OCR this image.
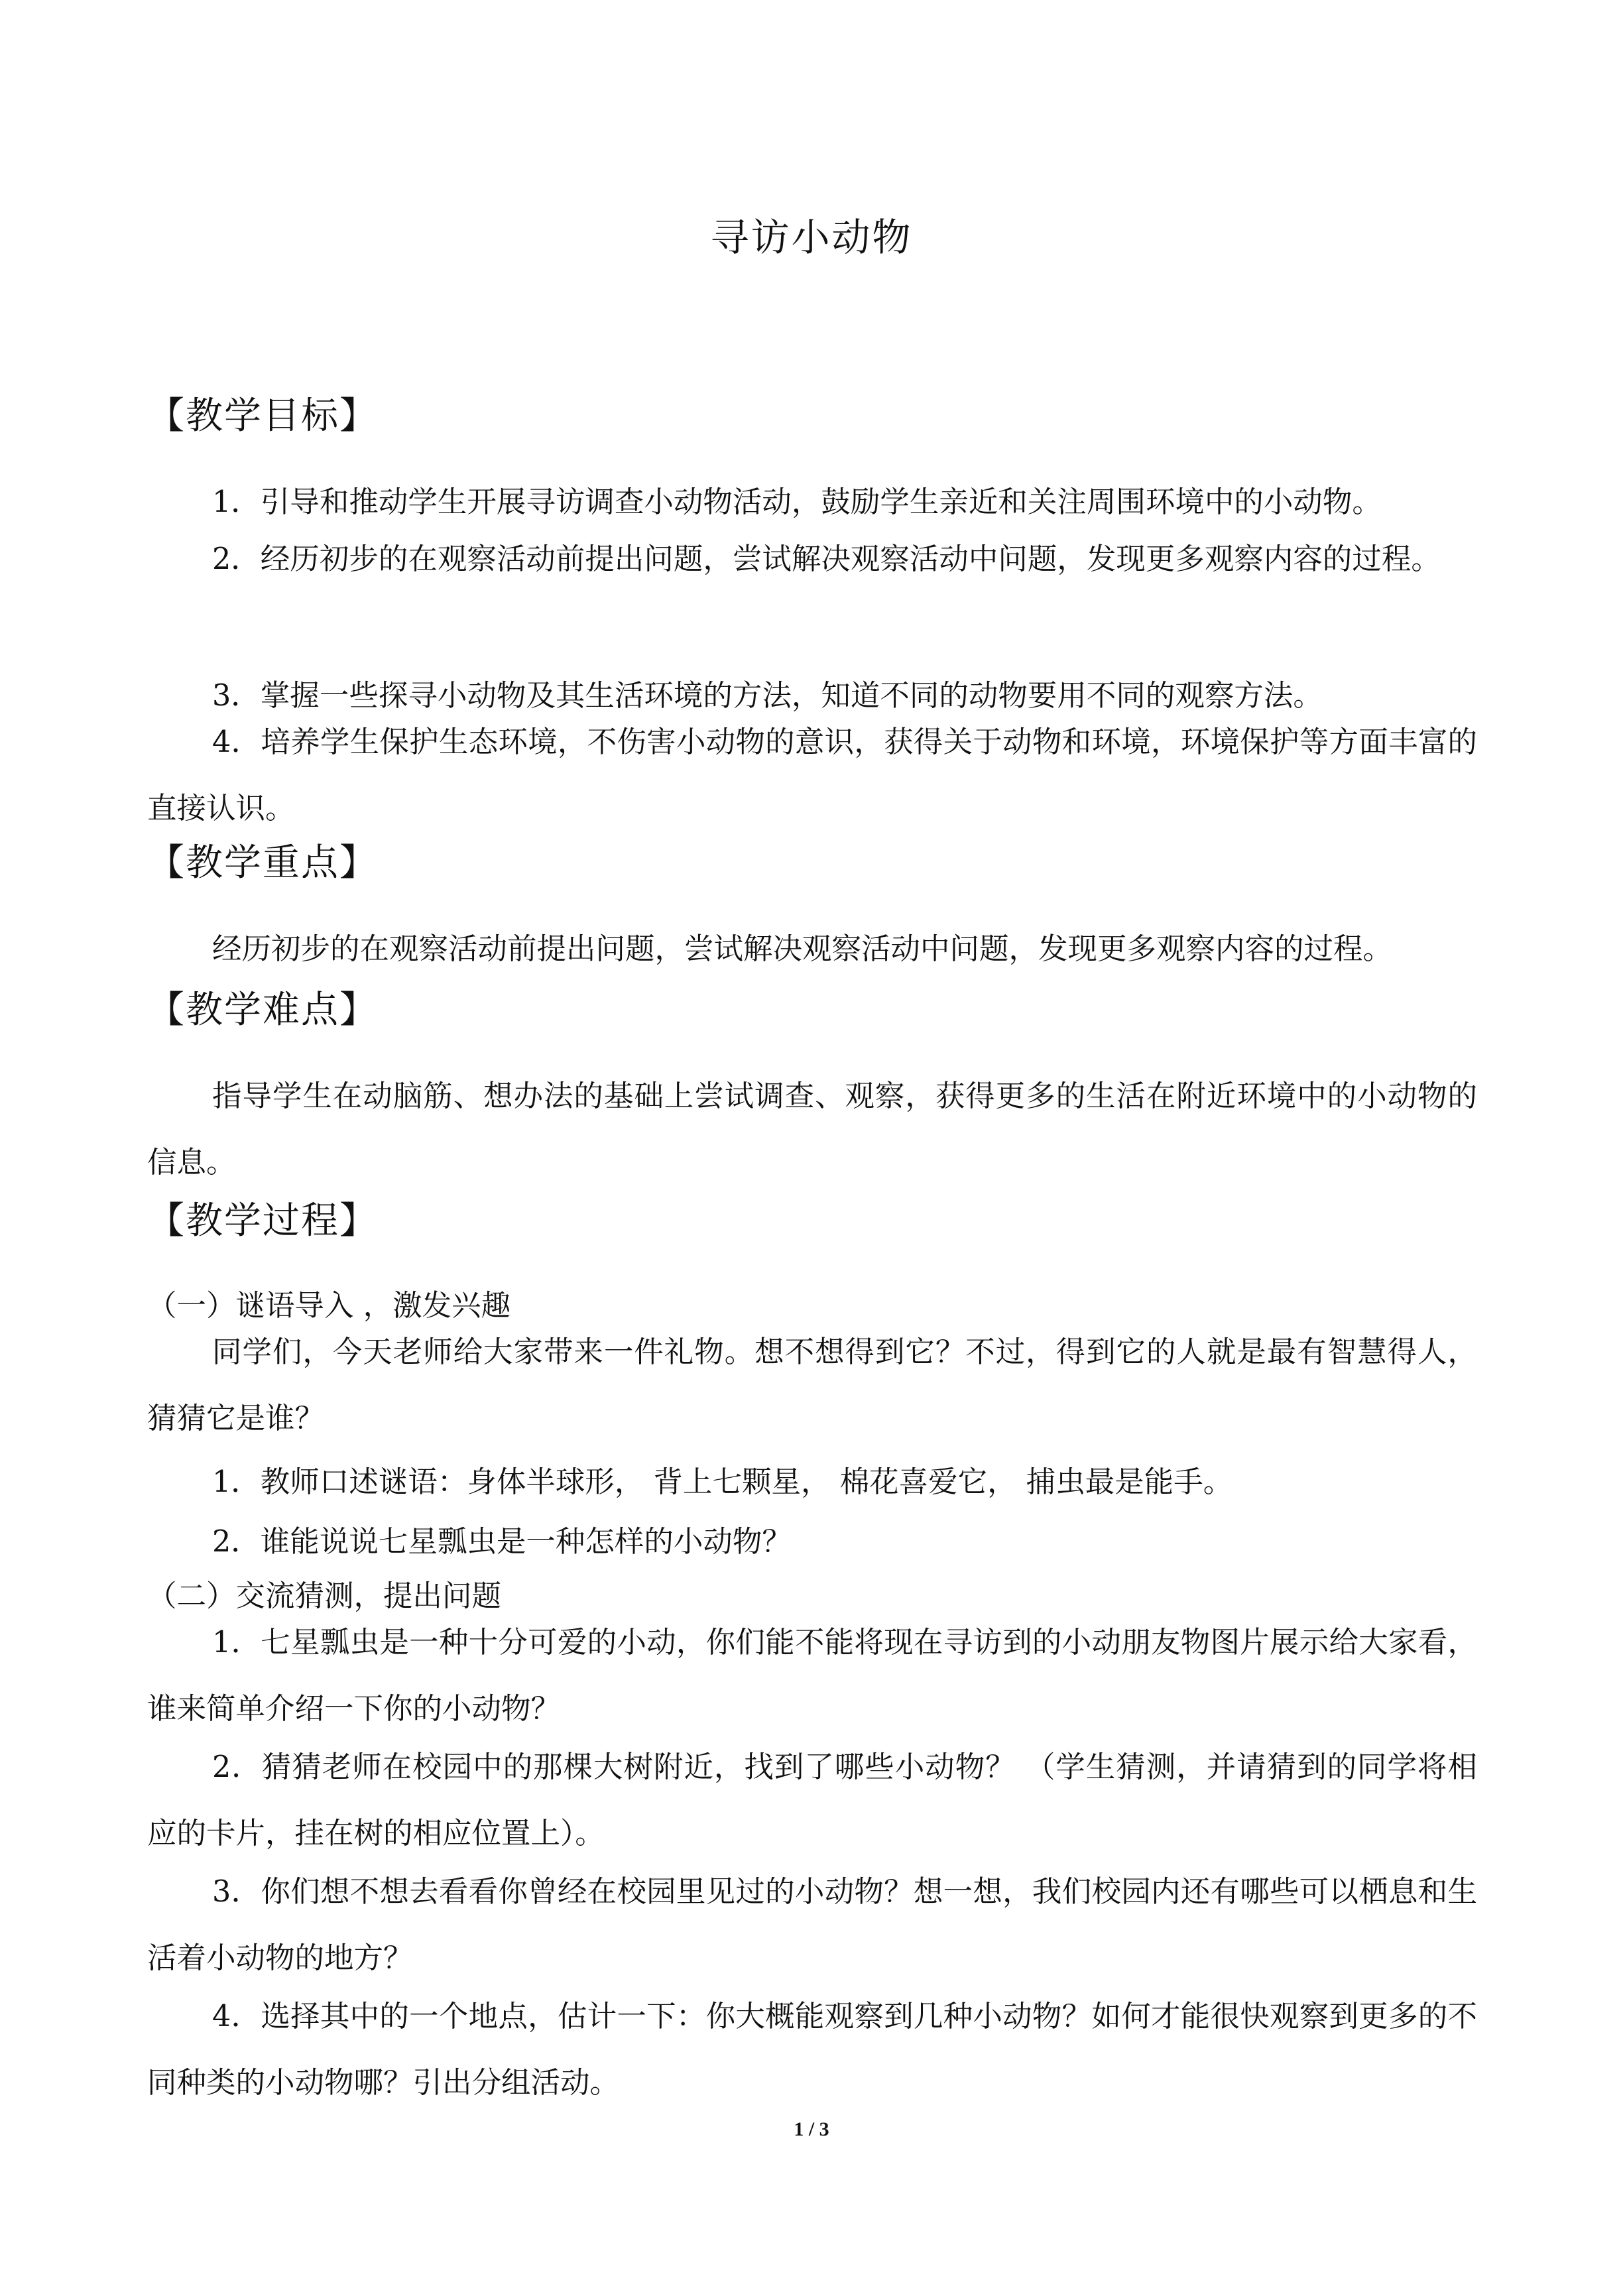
寻访小动物
【教学目标】
1．引导和推动学生开展寻访调查小动物活动，鼓励学生亲近和关注周围环境中的小动物。
2．经历初步的在观察活动前提出问题，尝试解决观察活动中问题，发现更多观察内容的过程。
3．掌握一些探寻小动物及其生活环境的方法，知道不同的动物要用不同的观察方法。
4．培养学生保护生态环境，不伤害小动物的意识，获得关于动物和环境，环境保护等方面丰富的直接认识。
【教学重点】
经历初步的在观察活动前提出问题，尝试解决观察活动中问题，发现更多观察内容的过程。
【教学难点】
指导学生在动脑筋、想办法的基础上尝试调查、观察，获得更多的生活在附近环境中的小动物的信息。
【教学过程】
（一）谜语导入 ，激发兴趣
同学们，今天老师给大家带来一件礼物。想不想得到它？不过，得到它的人就是最有智慧得人，猜猜它是谁？
1．教师口述谜语：身体半球形， 背上七颗星， 棉花喜爱它， 捕虫最是能手。
2．谁能说说七星瓢虫是一种怎样的小动物？
（二）交流猜测，提出问题
1．七星瓢虫是一种十分可爱的小动，你们能不能将现在寻访到的小动朋友物图片展示给大家看，谁来简单介绍一下你的小动物？
2．猜猜老师在校园中的那棵大树附近，找到了哪些小动物？ （学生猜测，并请猜到的同学将相应的卡片，挂在树的相应位置上）。
3．你们想不想去看看你曾经在校园里见过的小动物？想一想，我们校园内还有哪些可以栖息和生活着小动物的地方？
4．选择其中的一个地点，估计一下：你大概能观察到几种小动物？如何才能很快观察到更多的不同种类的小动物哪？引出分组活动。
1 / 3
